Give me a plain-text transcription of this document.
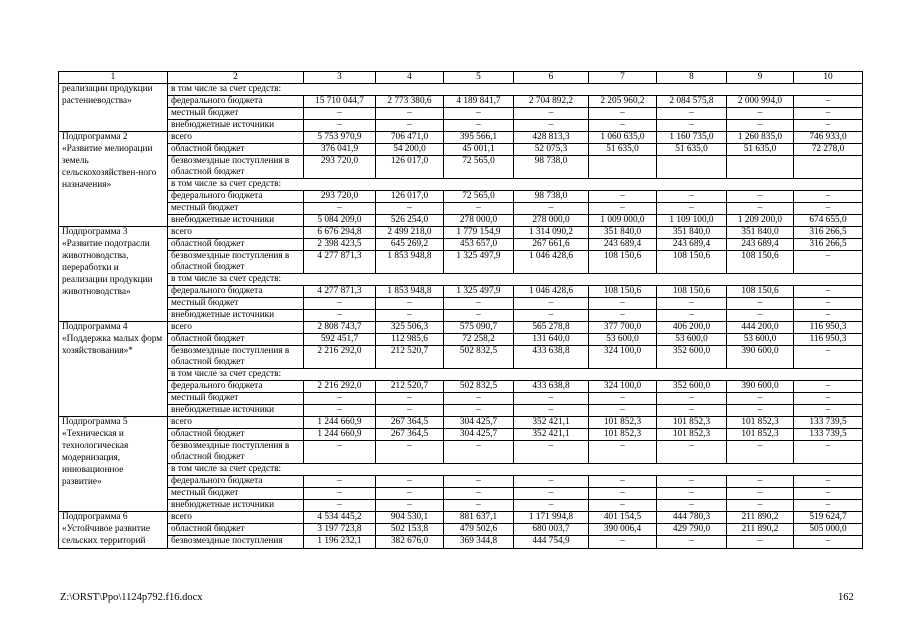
1	2	3	4	5	6	7	8	9	10
реализации продукции растениеводства»	в том числе за счет средств:								
	федерального бюджета	15 710 044,7	2 773 380,6	4 189 841,7	2 704 892,2	2 205 960,2	2 084 575,8	2 000 994,0	–
	местный бюджет	–	–	–	–	–	–	–	–
	внебюджетные источники	–	–	–	–	–	–	–	–
Подпрограмма 2 «Развитие мелиорации земель сельскохозяйствен-ного назначения»	всего	5 753 970,9	706 471,0	395 566,1	428 813,3	1 060 635,0	1 160 735,0	1 260 835,0	746 933,0
	областной бюджет	376 041,9	54 200,0	45 001,1	52 075,3	51 635,0	51 635,0	51 635,0	72 278,0
	безвозмездные поступления в областной бюджет	293 720,0	126 017,0	72 565,0	98 738,0				
	в том числе за счет средств:								
	федерального бюджета	293 720,0	126 017,0	72 565,0	98 738,0	–	–	–	–
	местный бюджет	–	–	–	–	–	–	–	–
	внебюджетные источники	5 084 209,0	526 254,0	278 000,0	278 000,0	1 009 000,0	1 109 100,0	1 209 200,0	674 655,0
Подпрограмма 3 «Развитие подотрасли животноводства, переработки и реализации продукции животноводства»	всего	6 676 294,8	2 499 218,0	1 779 154,9	1 314 090,2	351 840,0	351 840,0	351 840,0	316 266,5
	областной бюджет	2 398 423,5	645 269,2	453 657,0	267 661,6	243 689,4	243 689,4	243 689,4	316 266,5
	безвозмездные поступления в областной бюджет	4 277 871,3	1 853 948,8	1 325 497,9	1 046 428,6	108 150,6	108 150,6	108 150,6	–
	в том числе за счет средств:								
	федерального бюджета	4 277 871,3	1 853 948,8	1 325 497,9	1 046 428,6	108 150,6	108 150,6	108 150,6	–
	местный бюджет	–	–	–	–	–	–	–	–
	внебюджетные источники	–	–	–	–	–	–	–	–
Подпрограмма 4 «Поддержка малых форм хозяйствования»*	всего	2 808 743,7	325 506,3	575 090,7	565 278,8	377 700,0	406 200,0	444 200,0	116 950,3
	областной бюджет	592 451,7	112 985,6	72 258,2	131 640,0	53 600,0	53 600,0	53 600,0	116 950,3
	безвозмездные поступления в областной бюджет	2 216 292,0	212 520,7	502 832,5	433 638,8	324 100,0	352 600,0	390 600,0	–
	в том числе за счет средств:								
	федерального бюджета	2 216 292,0	212 520,7	502 832,5	433 638,8	324 100,0	352 600,0	390 600,0	–
	местный бюджет	–	–	–	–	–	–	–	–
	внебюджетные источники	–	–	–	–	–	–	–	–
Подпрограмма 5 «Техническая и технологическая модернизация, инновационное развитие»	всего	1 244 660,9	267 364,5	304 425,7	352 421,1	101 852,3	101 852,3	101 852,3	133 739,5
	областной бюджет	1 244 660,9	267 364,5	304 425,7	352 421,1	101 852,3	101 852,3	101 852,3	133 739,5
	безвозмездные поступления в областной бюджет	–	–	–	–	–	–	–	–
	в том числе за счет средств:								
	федерального бюджета	–	–	–	–	–	–	–	–
	местный бюджет	–	–	–	–	–	–	–	–
	внебюджетные источники	–	–	–	–	–	–	–	–
Подпрограмма 6 «Устойчивое развитие сельских территорий	всего	4 534 445,2	904 530,1	881 637,1	1 171 994,8	401 154,5	444 780,3	211 890,2	519 624,7
	областной бюджет	3 197 723,8	502 153,8	479 502,6	680 003,7	390 006,4	429 790,0	211 890,2	505 000,0
	безвозмездные поступления	1 196 232,1	382 676,0	369 344,8	444 754,9	–	–	–	–
Z:\ORST\Ppo\1124p792.f16.docx	162
